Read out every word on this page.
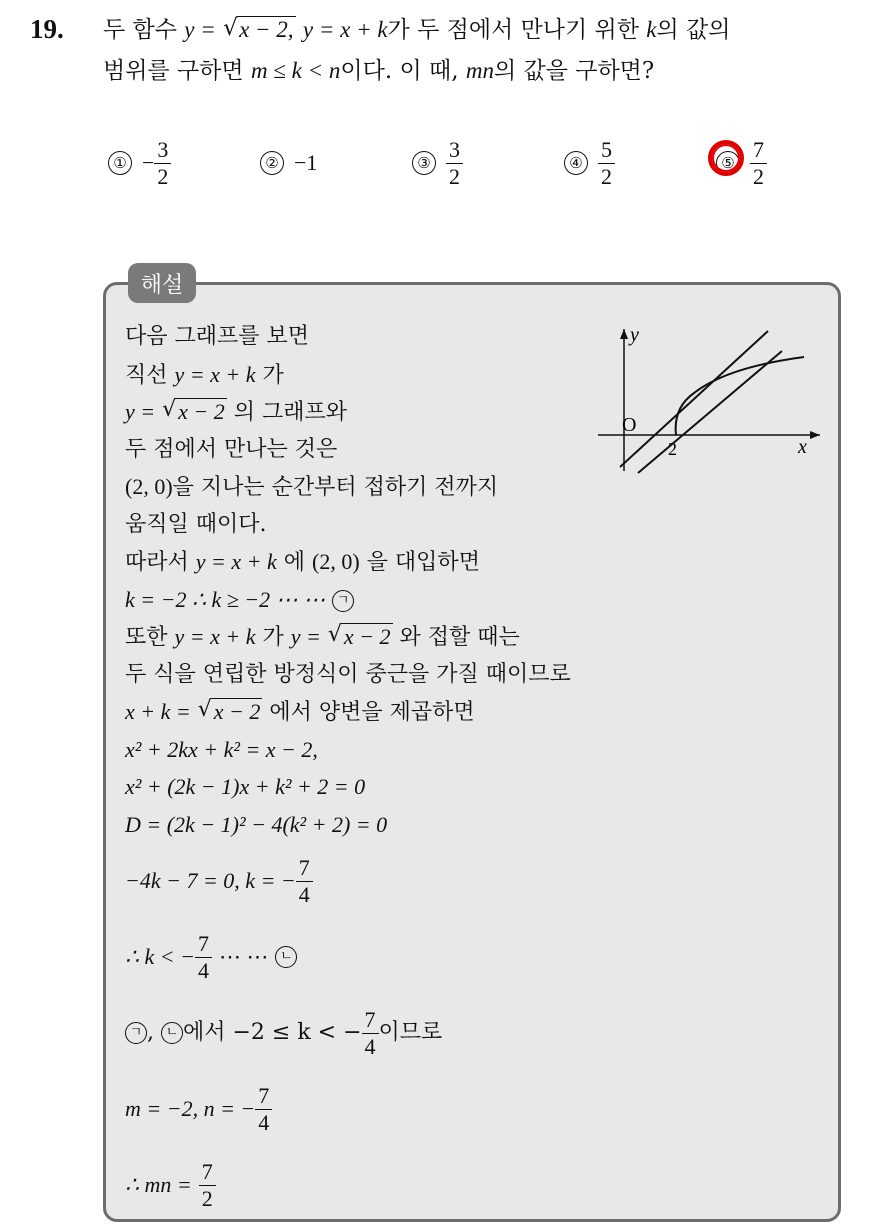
19. 두 함수 y = √ x − 2, y = x + k가 두 점에서 만나기 위한 k의 값의
범위를 구하면 m ≤ k < n이다. 이 때, mn의 값을 구하면?
① − $\frac{3}{2}$	② −1	③ $\frac{3}{2}$	④ $\frac{5}{2}$	⑤ $\frac{7}{2}$
해설
다음 그래프를 보면
직선 y = x + k 가
y = √ x − 2 의 그래프와
두 점에서 만나는 것은
(2, 0)을 지나는 순간부터 접하기 전까지
움직일 때이다.
따라서 y = x + k 에 (2, 0) 을 대입하면
k = −2 ∴ k ≥ −2 ⋯ ⋯ ㄱ
또한 y = x + k 가 y = √ x − 2 와 접할 때는
두 식을 연립한 방정식이 중근을 가질 때이므로
x + k = √ x − 2 에서 양변을 제곱하면
x² + 2kx + k² = x − 2,
x² + (2k − 1)x + k² + 2 = 0
D = (2k − 1)² − 4(k² + 2) = 0
−4k − 7 = 0, k = − $\frac{7}{4}$
∴ k < − $\frac{7}{4}$
⋯ ⋯
ㄴ
ㄱ ,
ㄴ 에서 −2 ≤ k < − $\frac{7}{4}$ 이므로
m = −2, n = − $\frac{7}{4}$
∴ mn =
$\frac{7}{2}$
y
x
O
2
